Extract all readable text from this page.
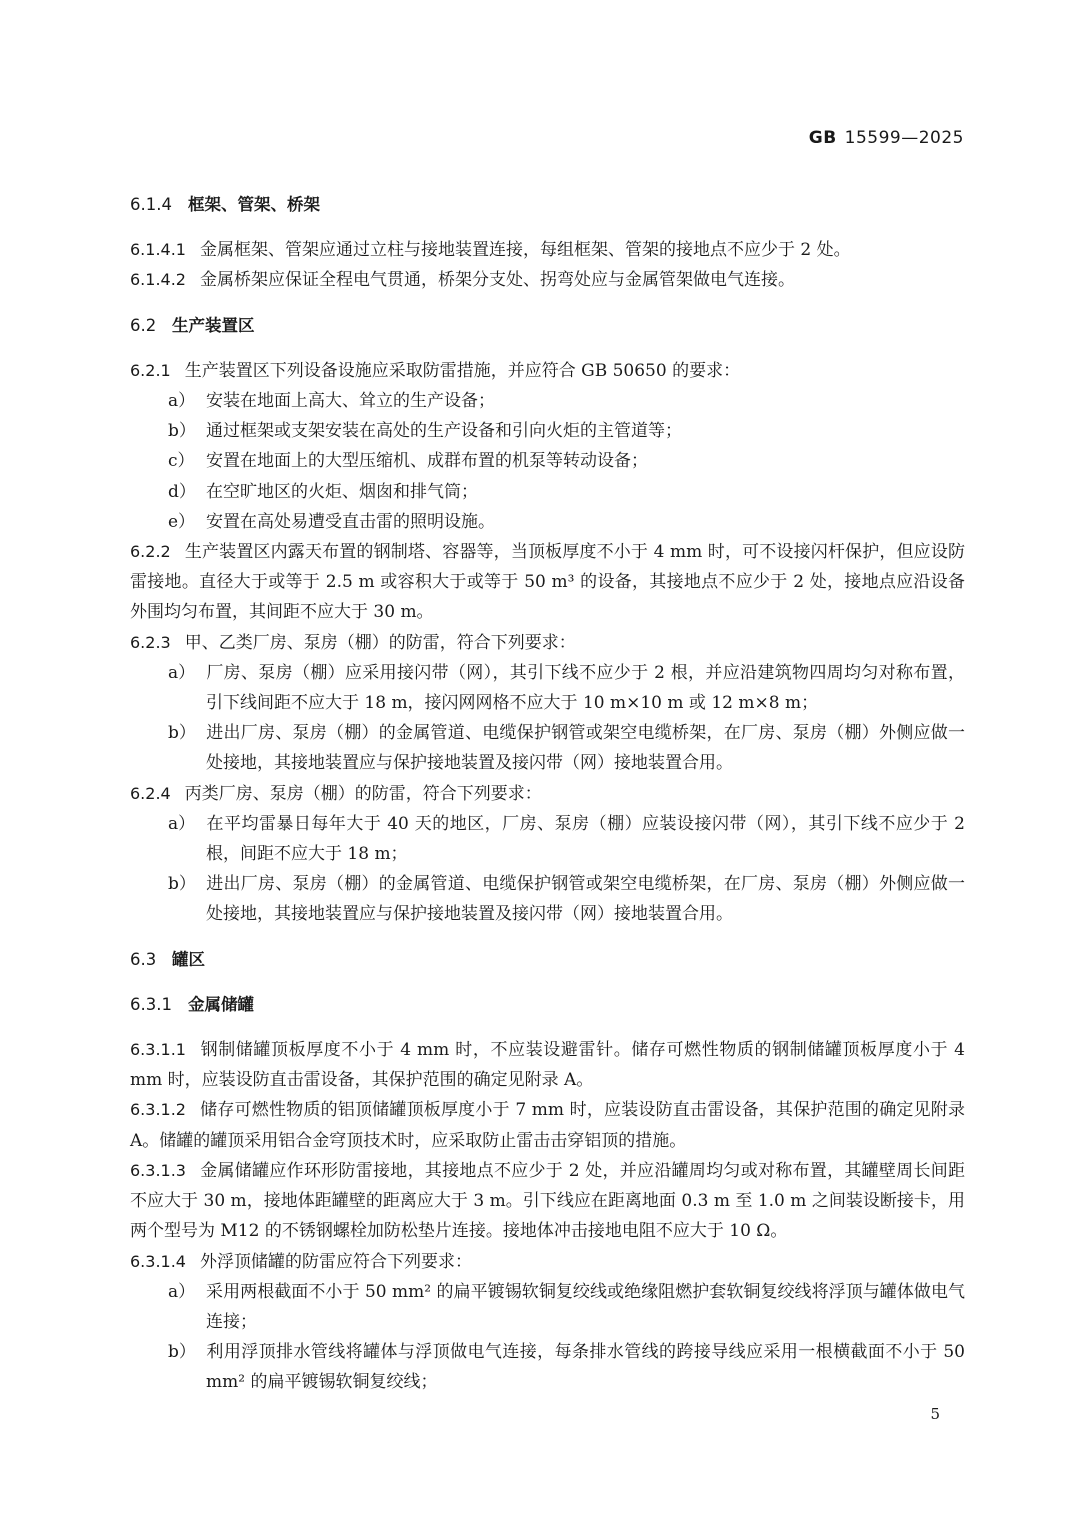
GB 15599—2025

6.1.4 框架、管架、桥架

6.1.4.1 金属框架、管架应通过立柱与接地装置连接，每组框架、管架的接地点不应少于 2 处。

6.1.4.2 金属桥架应保证全程电气贯通，桥架分支处、拐弯处应与金属管架做电气连接。

6.2 生产装置区

6.2.1 生产装置区下列设备设施应采取防雷措施，并应符合 GB 50650 的要求：

a） 安装在地面上高大、耸立的生产设备；

b） 通过框架或支架安装在高处的生产设备和引向火炬的主管道等；

c） 安置在地面上的大型压缩机、成群布置的机泵等转动设备；

d） 在空旷地区的火炬、烟囱和排气筒；

e） 安置在高处易遭受直击雷的照明设施。

6.2.2 生产装置区内露天布置的钢制塔、容器等，当顶板厚度不小于 4 mm 时，可不设接闪杆保护，但应设防雷接地。直径大于或等于 2.5 m 或容积大于或等于 50 m³ 的设备，其接地点不应少于 2 处，接地点应沿设备外围均匀布置，其间距不应大于 30 m。

6.2.3 甲、乙类厂房、泵房（棚）的防雷，符合下列要求：

a） 厂房、泵房（棚）应采用接闪带（网），其引下线不应少于 2 根，并应沿建筑物四周均匀对称布置，引下线间距不应大于 18 m，接闪网网格不应大于 10 m×10 m 或 12 m×8 m；

b） 进出厂房、泵房（棚）的金属管道、电缆保护钢管或架空电缆桥架，在厂房、泵房（棚）外侧应做一处接地，其接地装置应与保护接地装置及接闪带（网）接地装置合用。

6.2.4 丙类厂房、泵房（棚）的防雷，符合下列要求：

a） 在平均雷暴日每年大于 40 天的地区，厂房、泵房（棚）应装设接闪带（网），其引下线不应少于 2 根，间距不应大于 18 m；

b） 进出厂房、泵房（棚）的金属管道、电缆保护钢管或架空电缆桥架，在厂房、泵房（棚）外侧应做一处接地，其接地装置应与保护接地装置及接闪带（网）接地装置合用。

6.3 罐区

6.3.1 金属储罐

6.3.1.1 钢制储罐顶板厚度不小于 4 mm 时，不应装设避雷针。储存可燃性物质的钢制储罐顶板厚度小于 4 mm 时，应装设防直击雷设备，其保护范围的确定见附录 A。

6.3.1.2 储存可燃性物质的铝顶储罐顶板厚度小于 7 mm 时，应装设防直击雷设备，其保护范围的确定见附录 A。储罐的罐顶采用铝合金穹顶技术时，应采取防止雷击击穿铝顶的措施。

6.3.1.3 金属储罐应作环形防雷接地，其接地点不应少于 2 处，并应沿罐周均匀或对称布置，其罐壁周长间距不应大于 30 m，接地体距罐壁的距离应大于 3 m。引下线应在距离地面 0.3 m 至 1.0 m 之间装设断接卡，用两个型号为 M12 的不锈钢螺栓加防松垫片连接。接地体冲击接地电阻不应大于 10 Ω。

6.3.1.4 外浮顶储罐的防雷应符合下列要求：

a） 采用两根截面不小于 50 mm² 的扁平镀锡软铜复绞线或绝缘阻燃护套软铜复绞线将浮顶与罐体做电气连接；

b） 利用浮顶排水管线将罐体与浮顶做电气连接，每条排水管线的跨接导线应采用一根横截面不小于 50 mm² 的扁平镀锡软铜复绞线；

5
